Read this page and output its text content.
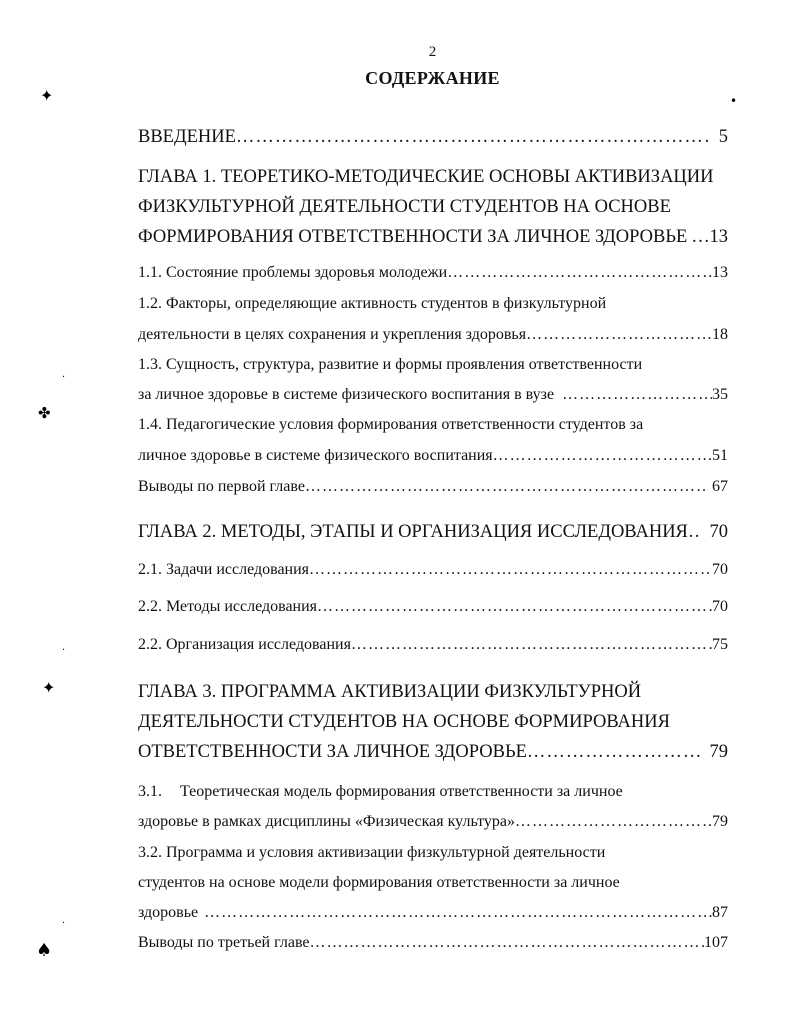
2
СОДЕРЖАНИЕ
✦
✤
✦
♠
•
·
·
·
ВВЕДЕНИЕ ……………………………………………………………………………………………………………………………………………………………………………	5
ГЛАВА 1. ТЕОРЕТИКО-МЕТОДИЧЕСКИЕ ОСНОВЫ АКТИВИЗАЦИИ
ФИЗКУЛЬТУРНОЙ ДЕЯТЕЛЬНОСТИ СТУДЕНТОВ НА ОСНОВЕ
ФОРМИРОВАНИЯ ОТВЕТСТВЕННОСТИ ЗА ЛИЧНОЕ ЗДОРОВЬЕ …………………………………………………………………………………………………………………………………………………………………………… 13
1.1. Состояние проблемы здоровья молодежи ……………………………………………………………………………………………………………………………………………………………………………	13
1.2. Факторы, определяющие активность студентов в физкультурной
деятельности в целях сохранения и укрепления здоровья ……………………………………………………………………………………………………………………………………………………………………………	18
1.3. Сущность, структура, развитие и формы проявления ответственности
за личное здоровье в системе физического воспитания в вузе ……………………………………………………………………………………………………………………………………………………………………………	35
1.4. Педагогические условия формирования ответственности студентов за
личное здоровье в системе физического воспитания ……………………………………………………………………………………………………………………………………………………………………………	51
Выводы по первой главе ……………………………………………………………………………………………………………………………………………………………………………	67
ГЛАВА 2. МЕТОДЫ, ЭТАПЫ И ОРГАНИЗАЦИЯ ИССЛЕДОВАНИЯ ……………………………………………………………………………………………………………………………………………………………………………	70
2.1. Задачи исследования ……………………………………………………………………………………………………………………………………………………………………………	70
2.2. Методы исследования ……………………………………………………………………………………………………………………………………………………………………………	70
2.2. Организация исследования ……………………………………………………………………………………………………………………………………………………………………………	75
ГЛАВА 3. ПРОГРАММА АКТИВИЗАЦИИ ФИЗКУЛЬТУРНОЙ
ДЕЯТЕЛЬНОСТИ СТУДЕНТОВ НА ОСНОВЕ ФОРМИРОВАНИЯ
ОТВЕТСТВЕННОСТИ ЗА ЛИЧНОЕ ЗДОРОВЬЕ ……………………………………………………………………………………………………………………………………………………………………………	79
3.1. Теоретическая модель формирования ответственности за личное
здоровье в рамках дисциплины «Физическая культура» ……………………………………………………………………………………………………………………………………………………………………………	79
3.2. Программа и условия активизации физкультурной деятельности
студентов на основе модели формирования ответственности за личное
здоровье ……………………………………………………………………………………………………………………………………………………………………………	87
Выводы по третьей главе ……………………………………………………………………………………………………………………………………………………………………………	107
